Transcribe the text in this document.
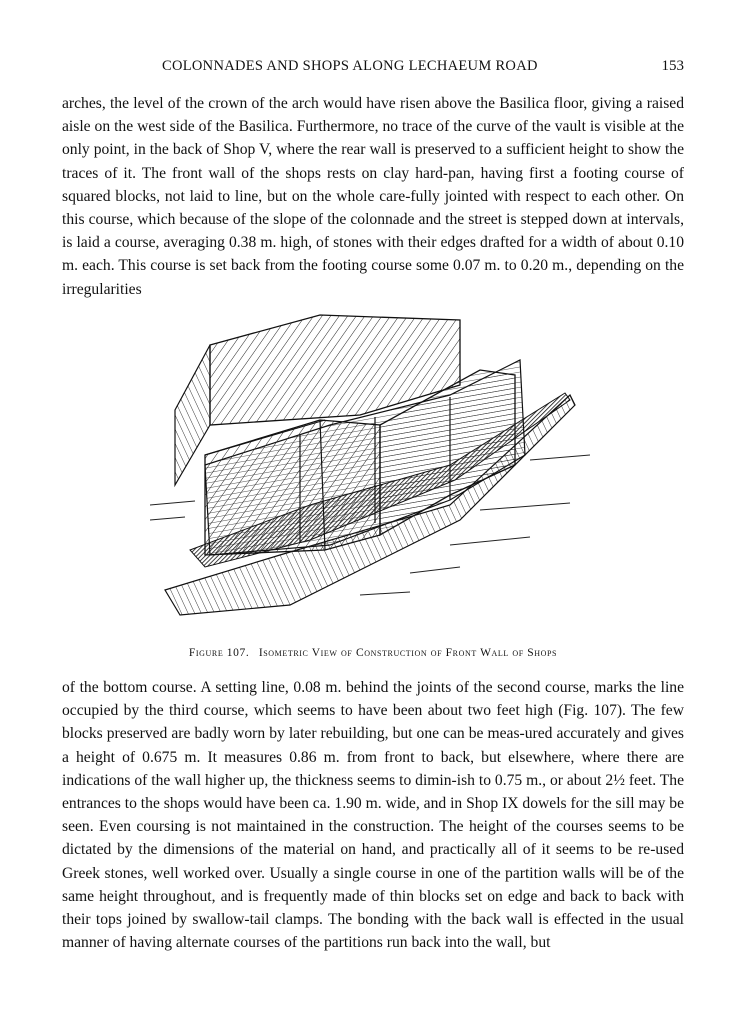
COLONNADES AND SHOPS ALONG LECHAEUM ROAD	153

arches, the level of the crown of the arch would have risen above the Basilica floor, giving a raised aisle on the west side of the Basilica. Furthermore, no trace of the curve of the vault is visible at the only point, in the back of Shop V, where the rear wall is preserved to a sufficient height to show the traces of it. The front wall of the shops rests on clay hard-pan, having first a footing course of squared blocks, not laid to line, but on the whole care-fully jointed with respect to each other. On this course, which because of the slope of the colonnade and the street is stepped down at intervals, is laid a course, averaging 0.38 m. high, of stones with their edges drafted for a width of about 0.10 m. each. This course is set back from the footing course some 0.07 m. to 0.20 m., depending on the irregularities

Figure 107. Isometric View of Construction of Front Wall of Shops

of the bottom course. A setting line, 0.08 m. behind the joints of the second course, marks the line occupied by the third course, which seems to have been about two feet high (Fig. 107). The few blocks preserved are badly worn by later rebuilding, but one can be meas-ured accurately and gives a height of 0.675 m. It measures 0.86 m. from front to back, but elsewhere, where there are indications of the wall higher up, the thickness seems to dimin-ish to 0.75 m., or about 2½ feet. The entrances to the shops would have been ca. 1.90 m. wide, and in Shop IX dowels for the sill may be seen. Even coursing is not maintained in the construction. The height of the courses seems to be dictated by the dimensions of the material on hand, and practically all of it seems to be re-used Greek stones, well worked over. Usually a single course in one of the partition walls will be of the same height throughout, and is frequently made of thin blocks set on edge and back to back with their tops joined by swallow-tail clamps. The bonding with the back wall is effected in the usual manner of having alternate courses of the partitions run back into the wall, but
